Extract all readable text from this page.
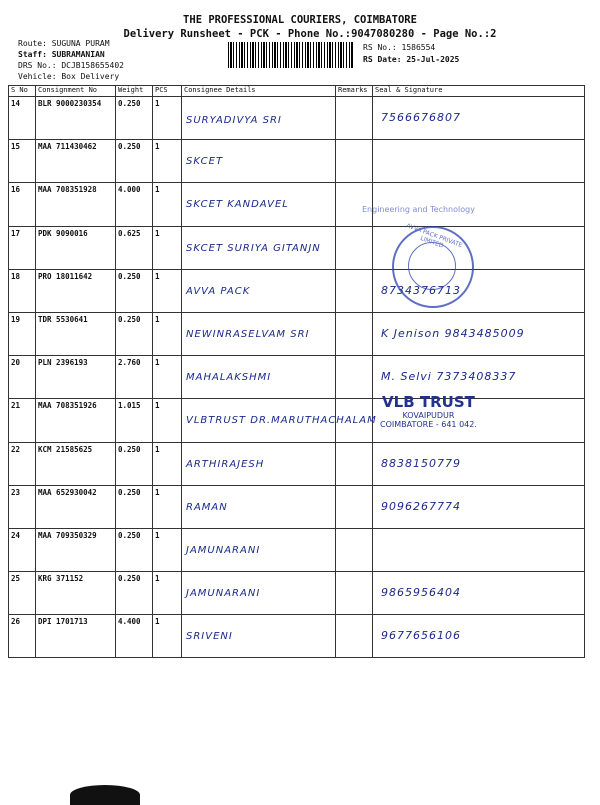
THE PROFESSIONAL COURIERS, COIMBATORE
Delivery Runsheet - PCK - Phone No.:9047080280 - Page No.:2
Route: SUGUNA PURAM
Staff: SUBRAMANIAN
DRS No.: DCJB158655402
Vehicle: Box Delivery
RS No.: 1586554
RS Date: 25-Jul-2025
S No	Consignment No	Weight	PCS	Consignee Details	Remarks	Seal & Signature
14	BLR 9000230354	0.250	1	SURYADIVYA SRI		7566676807

15	MAA 711430462	0.250	1	SKCET		

16	MAA 708351928	4.000	1	SKCET KANDAVEL		

17	PDK 9090016	0.625	1	SKCET SURIYA GITANJN		

18	PRO 18011642	0.250	1	AVVA PACK		8734376713

19	TDR 5530641	0.250	1	NEWINRASELVAM SRI		K Jenison 9843485009

20	PLN 2396193	2.760	1	MAHALAKSHMI		M. Selvi 7373408337

21	MAA 708351926	1.015	1	VLBTRUST DR.MARUTHACHALAM		

22	KCM 21585625	0.250	1	ARTHIRAJESH		8838150779

23	MAA 652930042	0.250	1	RAMAN		9096267774

24	MAA 709350329	0.250	1	JAMUNARANI		

25	KRG 371152	0.250	1	JAMUNARANI		9865956404

26	DPI 1701713	4.400	1	SRIVENI		9677656106
Engineering and Technology
AVVA PACK PRIVATE LIMITED
VLB TRUST
KOVAIPUDUR
COIMBATORE - 641 042.
